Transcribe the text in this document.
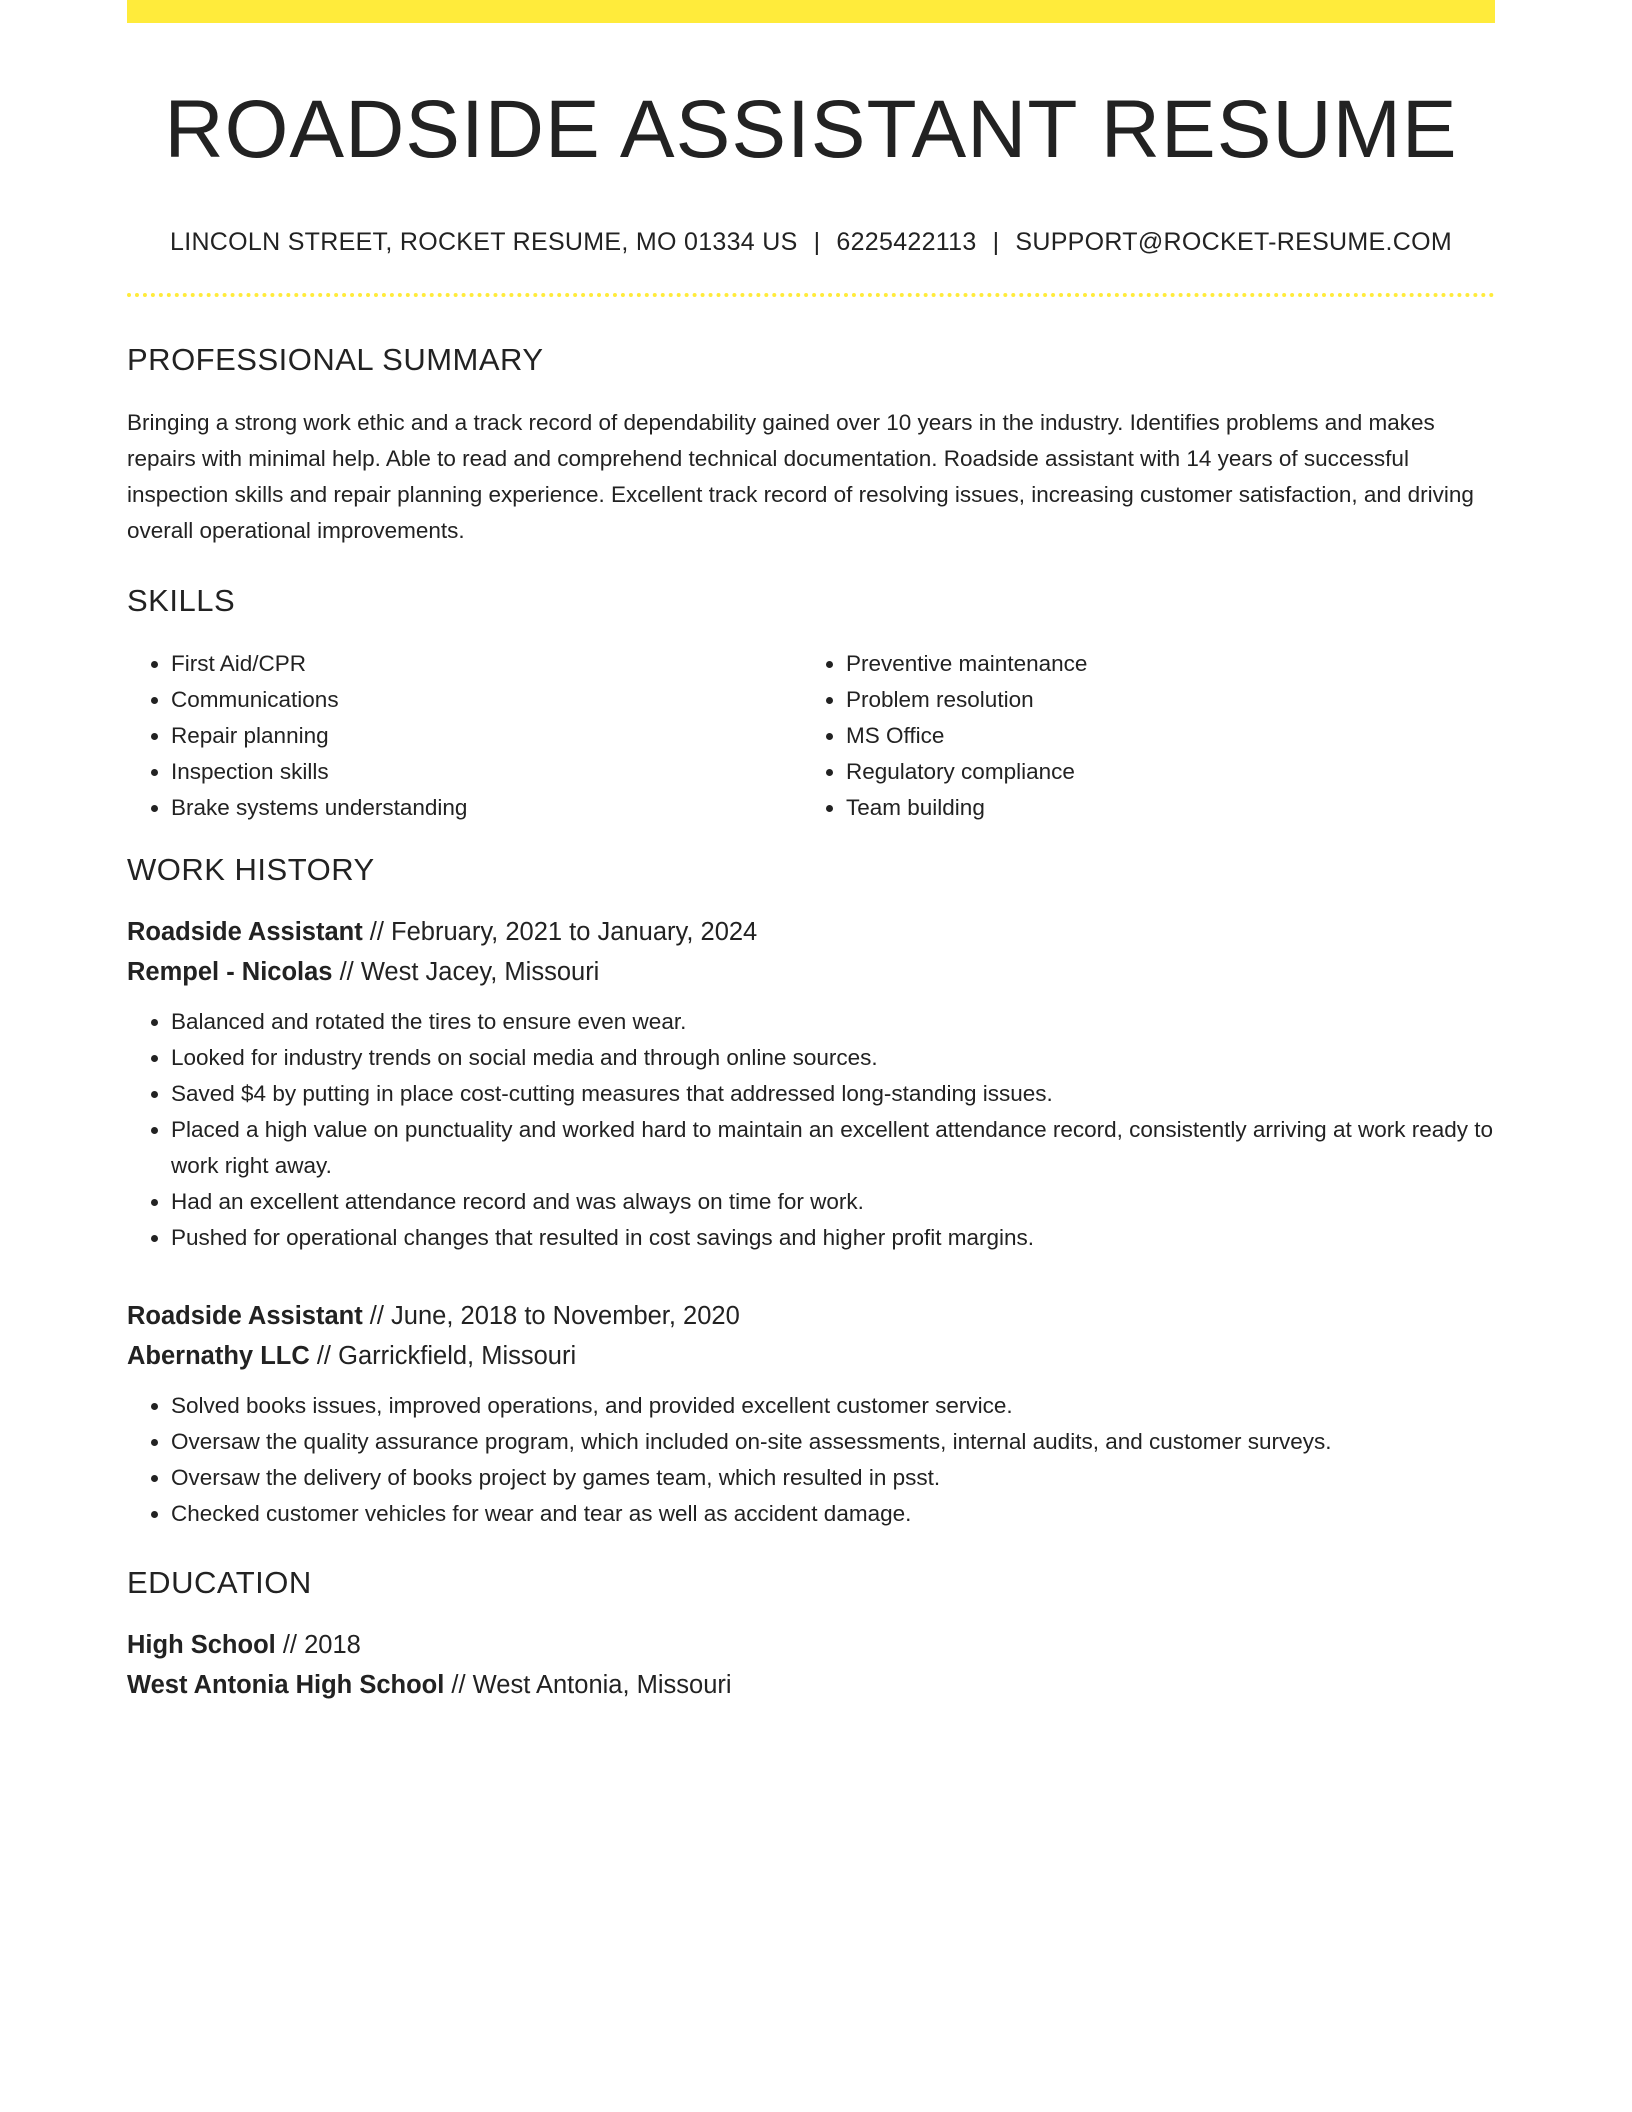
ROADSIDE ASSISTANT RESUME
LINCOLN STREET, ROCKET RESUME, MO 01334 US | 6225422113 | SUPPORT@ROCKET-RESUME.COM
PROFESSIONAL SUMMARY
Bringing a strong work ethic and a track record of dependability gained over 10 years in the industry. Identifies problems and makes repairs with minimal help. Able to read and comprehend technical documentation. Roadside assistant with 14 years of successful inspection skills and repair planning experience. Excellent track record of resolving issues, increasing customer satisfaction, and driving overall operational improvements.
SKILLS
• First Aid/CPR
• Communications
• Repair planning
• Inspection skills
• Brake systems understanding
• Preventive maintenance
• Problem resolution
• MS Office
• Regulatory compliance
• Team building
WORK HISTORY
Roadside Assistant // February, 2021 to January, 2024
Rempel - Nicolas // West Jacey, Missouri
• Balanced and rotated the tires to ensure even wear.
• Looked for industry trends on social media and through online sources.
• Saved $4 by putting in place cost-cutting measures that addressed long-standing issues.
• Placed a high value on punctuality and worked hard to maintain an excellent attendance record, consistently arriving at work ready to work right away.
• Had an excellent attendance record and was always on time for work.
• Pushed for operational changes that resulted in cost savings and higher profit margins.
Roadside Assistant // June, 2018 to November, 2020
Abernathy LLC // Garrickfield, Missouri
• Solved books issues, improved operations, and provided excellent customer service.
• Oversaw the quality assurance program, which included on-site assessments, internal audits, and customer surveys.
• Oversaw the delivery of books project by games team, which resulted in psst.
• Checked customer vehicles for wear and tear as well as accident damage.
EDUCATION
High School // 2018
West Antonia High School // West Antonia, Missouri
